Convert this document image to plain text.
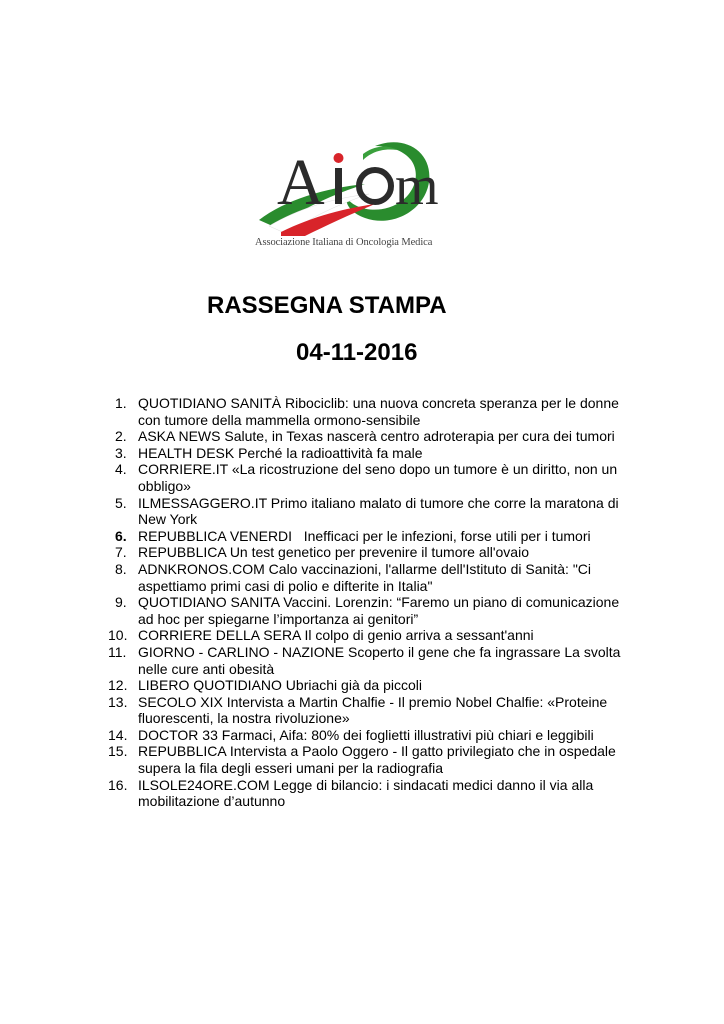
A m
Associazione Italiana di Oncologia Medica
RASSEGNA STAMPA
04-11-2016
1. QUOTIDIANO SANITÀ Ribociclib: una nuova concreta speranza per le donne con tumore della mammella ormono-sensibile
2. ASKA NEWS Salute, in Texas nascerà centro adroterapia per cura dei tumori
3. HEALTH DESK Perché la radioattività fa male
4. CORRIERE.IT «La ricostruzione del seno dopo un tumore è un diritto, non un obbligo»
5. ILMESSAGGERO.IT Primo italiano malato di tumore che corre la maratona di New York
6. REPUBBLICA VENERDI   Inefficaci per le infezioni, forse utili per i tumori
7. REPUBBLICA Un test genetico per prevenire il tumore all'ovaio
8. ADNKRONOS.COM Calo vaccinazioni, l'allarme dell'Istituto di Sanità: "Ci aspettiamo primi casi di polio e difterite in Italia"
9. QUOTIDIANO SANITA Vaccini. Lorenzin: “Faremo un piano di comunicazione ad hoc per spiegarne l’importanza ai genitori”
10. CORRIERE DELLA SERA Il colpo di genio arriva a sessant'anni
11. GIORNO - CARLINO - NAZIONE Scoperto il gene che fa ingrassare La svolta nelle cure anti obesità
12. LIBERO QUOTIDIANO Ubriachi già da piccoli
13. SECOLO XIX Intervista a Martin Chalfie - Il premio Nobel Chalfie: «Proteine fluorescenti, la nostra rivoluzione»
14. DOCTOR 33 Farmaci, Aifa: 80% dei foglietti illustrativi più chiari e leggibili
15. REPUBBLICA Intervista a Paolo Oggero - Il gatto privilegiato che in ospedale supera la fila degli esseri umani per la radiografia
16. ILSOLE24ORE.COM Legge di bilancio: i sindacati medici danno il via alla mobilitazione d’autunno
